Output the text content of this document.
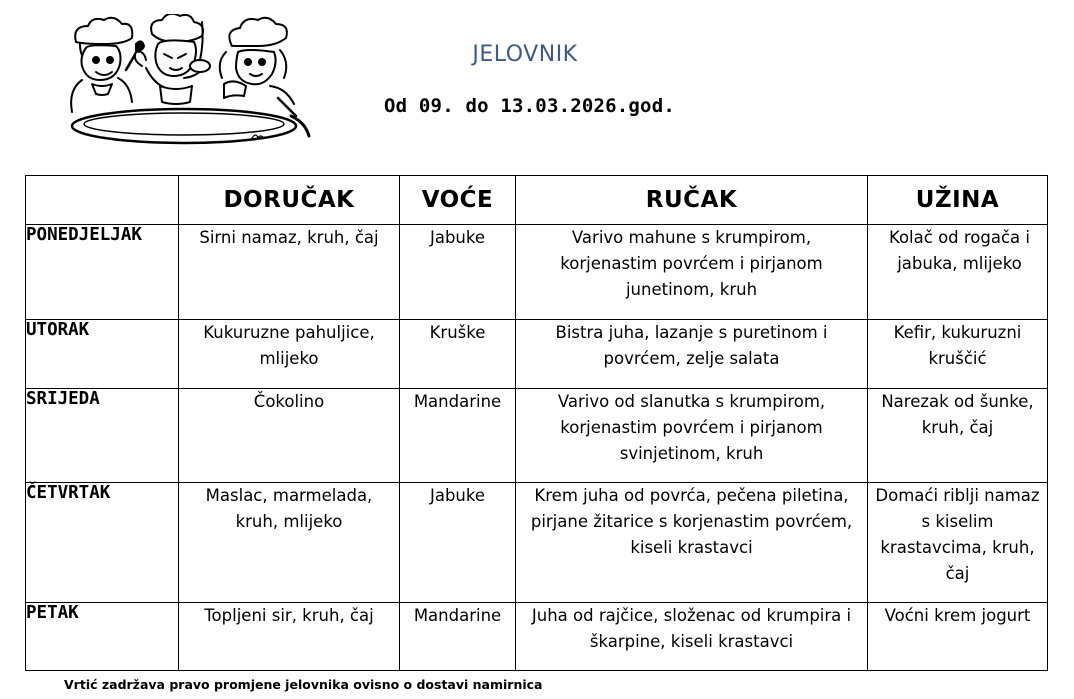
JELOVNIK
Od 09. do 13.03.2026.god.
	DORUČAK	VOĆE	RUČAK	UŽINA
PONEDJELJAK	Sirni namaz, kruh, čaj	Jabuke	Varivo mahune s krumpirom, korjenastim povrćem i pirjanom junetinom, kruh	Kolač od rogača i jabuka, mlijeko
UTORAK	Kukuruzne pahuljice, mlijeko	Kruške	Bistra juha, lazanje s puretinom i povrćem, zelje salata	Kefir, kukuruzni kruščić
SRIJEDA	Čokolino	Mandarine	Varivo od slanutka s krumpirom, korjenastim povrćem i pirjanom svinjetinom, kruh	Narezak od šunke, kruh, čaj
ČETVRTAK	Maslac, marmelada, kruh, mlijeko	Jabuke	Krem juha od povrća, pečena piletina, pirjane žitarice s korjenastim povrćem, kiseli krastavci	Domaći riblji namaz s kiselim krastavcima, kruh, čaj
PETAK	Topljeni sir, kruh, čaj	Mandarine	Juha od rajčice, složenac od krumpira i škarpine, kiseli krastavci	Voćni krem jogurt
Vrtić zadržava pravo promjene jelovnika ovisno o dostavi namirnica
